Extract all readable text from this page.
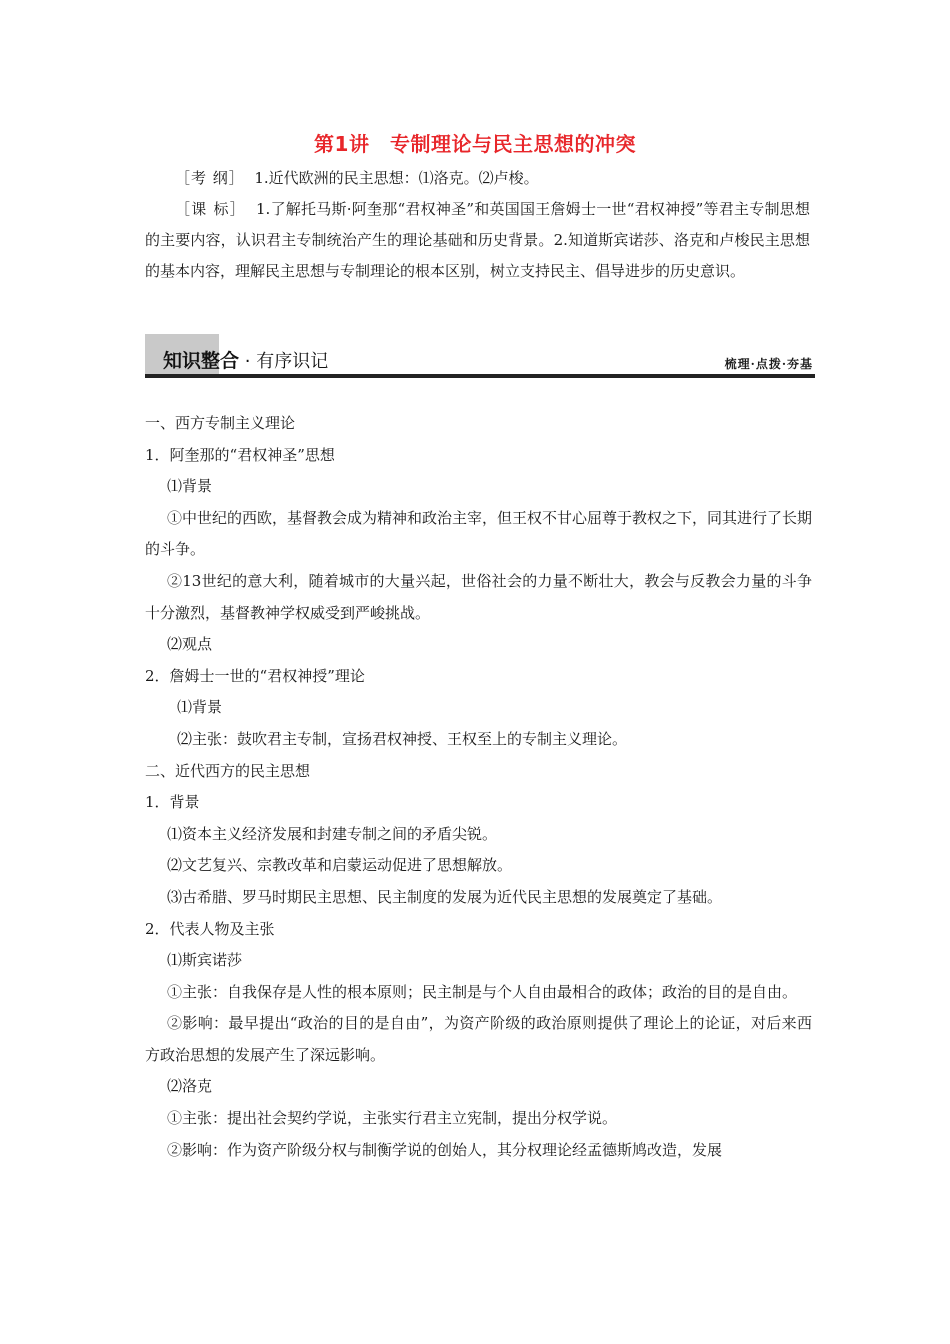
第1讲　专制理论与民主思想的冲突

［考 纲］ 1.近代欧洲的民主思想：⑴洛克。⑵卢梭。

［课 标］ 1.了解托马斯·阿奎那“君权神圣”和英国国王詹姆士一世“君权神授”等君主专制思想的主要内容，认识君主专制统治产生的理论基础和历史背景。2.知道斯宾诺莎、洛克和卢梭民主思想的基本内容，理解民主思想与专制理论的根本区别，树立支持民主、倡导进步的历史意识。

知识整合 · 有序识记	梳理·点拨·夯基

一、西方专制主义理论

1．阿奎那的“君权神圣”思想

⑴背景

①中世纪的西欧，基督教会成为精神和政治主宰，但王权不甘心屈尊于教权之下，同其进行了长期的斗争。

②13世纪的意大利，随着城市的大量兴起，世俗社会的力量不断壮大，教会与反教会力量的斗争十分激烈，基督教神学权威受到严峻挑战。

⑵观点

2．詹姆士一世的“君权神授”理论

⑴背景

⑵主张：鼓吹君主专制，宣扬君权神授、王权至上的专制主义理论。

二、近代西方的民主思想

1．背景

⑴资本主义经济发展和封建专制之间的矛盾尖锐。

⑵文艺复兴、宗教改革和启蒙运动促进了思想解放。

⑶古希腊、罗马时期民主思想、民主制度的发展为近代民主思想的发展奠定了基础。

2．代表人物及主张

⑴斯宾诺莎

①主张：自我保存是人性的根本原则；民主制是与个人自由最相合的政体；政治的目的是自由。

②影响：最早提出“政治的目的是自由”，为资产阶级的政治原则提供了理论上的论证，对后来西方政治思想的发展产生了深远影响。

⑵洛克

①主张：提出社会契约学说，主张实行君主立宪制，提出分权学说。

②影响：作为资产阶级分权与制衡学说的创始人，其分权理论经孟德斯鸠改造，发展
